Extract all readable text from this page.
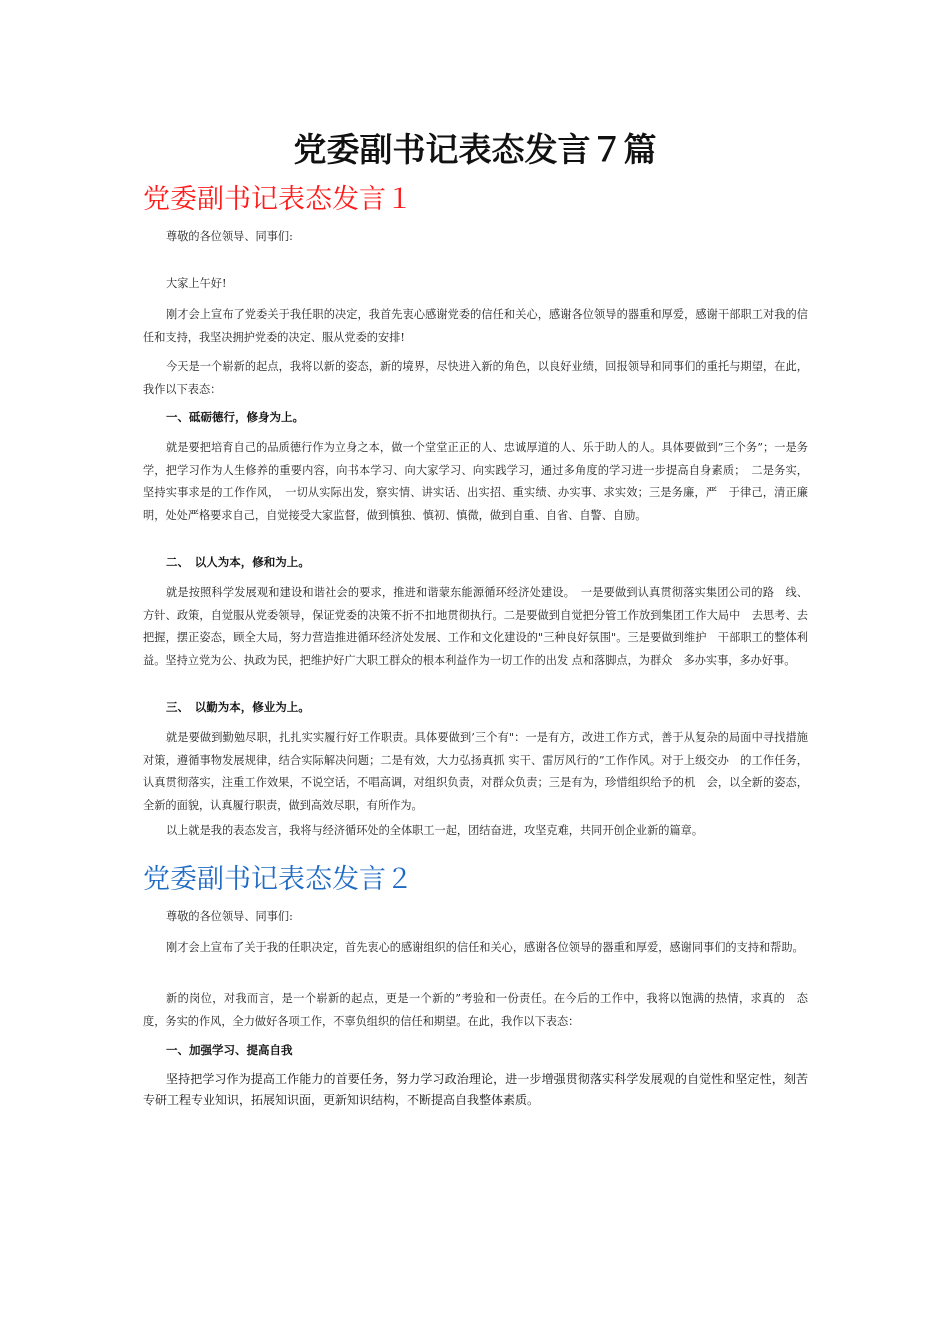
党委副书记表态发言７篇
党委副书记表态发言１

尊敬的各位领导、同事们:

大家上午好!

刚才会上宣布了党委关于我任职的决定，我首先衷心感谢党委的信任和关心，感谢各位领导的器重和厚爱，感谢干部职工对我的信任和支持，我坚决拥护党委的决定、服从党委的安排!

今天是一个崭新的起点，我将以新的姿态，新的境界，尽快进入新的角色，以良好业绩，回报领导和同事们的重托与期望，在此，我作以下表态：

一、砥砺德行，修身为上。

就是要把培育自己的品质德行作为立身之本，做一个堂堂正正的人、忠诚厚道的人、乐于助人的人。具体要做到”三个务”；一是务学，把学习作为人生修养的重要内容，向书本学习、向大家学习、向实践学习，通过多角度的学习进一步提高自身素质；　二是务实，坚持实事求是的工作作风，　一切从实际出发，察实情、讲实话、出实招、重实绩、办实事、求实效；三是务廉，严　于律己，清正廉明，处处严格要求自己，自觉接受大家监督，做到慎独、慎初、慎微，做到自重、自省、自警、自励。

二、　以人为本，修和为上。

就是按照科学发展观和建设和谐社会的要求，推进和谐蒙东能源循环经济处建设。　一是要做到认真贯彻落实集团公司的路　线、方针、政策，自觉服从党委领导，保证党委的决策不折不扣地贯彻执行。二是要做到自觉把分管工作放到集团工作大局中　去思考、去把握，摆正姿态，顾全大局，努力营造推进循环经济处发展、工作和文化建设的"三种良好氛围"。三是要做到维护　干部职工的整体利益。坚持立党为公、执政为民，把维护好广大职工群众的根本利益作为一切工作的出发 点和落脚点，为群众　多办实事，多办好事。

三、　以勤为本，修业为上。

就是要做到勤勉尽职，扎扎实实履行好工作职责。具体要做到’三个有"：一是有方，改进工作方式，善于从复杂的局面中寻找措施对策，遵循事物发展规律，结合实际解决问题；二是有效，大力弘扬真抓 实干、雷厉风行的”工作作风。对于上级交办　的工作任务，认真贯彻落实，注重工作效果，不说空话，不唱高调，对组织负责，对群众负责；三是有为，珍惜组织给予的机　会，以全新的姿态，全新的面貌，认真履行职责，做到高效尽职，有所作为。

以上就是我的表态发言，我将与经济循环处的全体职工一起，团结奋进，攻坚克难，共同开创企业新的篇章。

党委副书记表态发言２

尊敬的各位领导、同事们:

刚才会上宣布了关于我的任职决定，首先衷心的感谢组织的信任和关心，感谢各位领导的器重和厚爱，感谢同事们的支持和帮助。

新的岗位，对我而言，是一个崭新的起点，更是一个新的”考验和一份责任。在今后的工作中，我将以饱满的热情，求真的　态度，务实的作风，全力做好各项工作，不辜负组织的信任和期望。在此，我作以下表态：

一、加强学习、提高自我

坚持把学习作为提高工作能力的首要任务，努力学习政治理论，进一步增强贯彻落实科学发展观的自觉性和坚定性，刻苦　专研工程专业知识，拓展知识面，更新知识结构，不断提高自我整体素质。
